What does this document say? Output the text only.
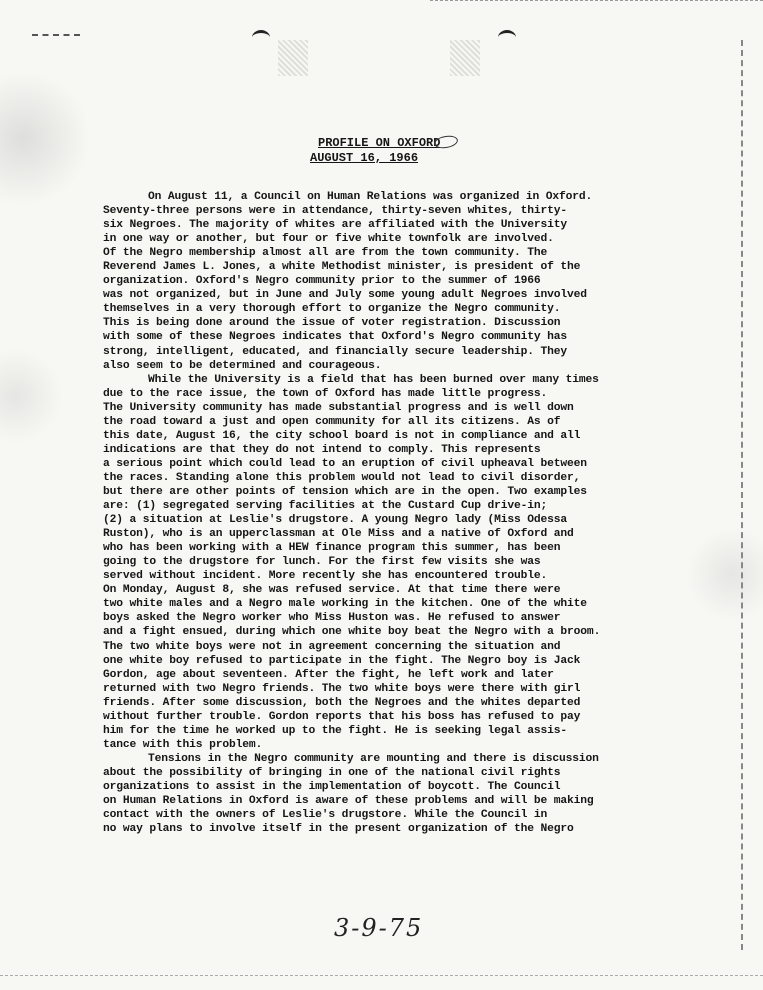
PROFILE ON OXFORD
AUGUST 16, 1966
On August 11, a Council on Human Relations was organized in Oxford.
Seventy-three persons were in attendance, thirty-seven whites, thirty-
six Negroes. The majority of whites are affiliated with the University
in one way or another, but four or five white townfolk are involved.
Of the Negro membership almost all are from the town community. The
Reverend James L. Jones, a white Methodist minister, is president of the
organization. Oxford's Negro community prior to the summer of 1966
was not organized, but in June and July some young adult Negroes involved
themselves in a very thorough effort to organize the Negro community.
This is being done around the issue of voter registration. Discussion
with some of these Negroes indicates that Oxford's Negro community has
strong, intelligent, educated, and financially secure leadership. They
also seem to be determined and courageous.
While the University is a field that has been burned over many times
due to the race issue, the town of Oxford has made little progress.
The University community has made substantial progress and is well down
the road toward a just and open community for all its citizens. As of
this date, August 16, the city school board is not in compliance and all
indications are that they do not intend to comply. This represents
a serious point which could lead to an eruption of civil upheaval between
the races. Standing alone this problem would not lead to civil disorder,
but there are other points of tension which are in the open. Two examples
are: (1) segregated serving facilities at the Custard Cup drive-in;
(2) a situation at Leslie's drugstore. A young Negro lady (Miss Odessa
Ruston), who is an upperclassman at Ole Miss and a native of Oxford and
who has been working with a HEW finance program this summer, has been
going to the drugstore for lunch. For the first few visits she was
served without incident. More recently she has encountered trouble.
On Monday, August 8, she was refused service. At that time there were
two white males and a Negro male working in the kitchen. One of the white
boys asked the Negro worker who Miss Huston was. He refused to answer
and a fight ensued, during which one white boy beat the Negro with a broom.
The two white boys were not in agreement concerning the situation and
one white boy refused to participate in the fight. The Negro boy is Jack
Gordon, age about seventeen. After the fight, he left work and later
returned with two Negro friends. The two white boys were there with girl
friends. After some discussion, both the Negroes and the whites departed
without further trouble. Gordon reports that his boss has refused to pay
him for the time he worked up to the fight. He is seeking legal assis-
tance with this problem.
Tensions in the Negro community are mounting and there is discussion
about the possibility of bringing in one of the national civil rights
organizations to assist in the implementation of boycott. The Council
on Human Relations in Oxford is aware of these problems and will be making
contact with the owners of Leslie's drugstore. While the Council in
no way plans to involve itself in the present organization of the Negro
3-9-75
